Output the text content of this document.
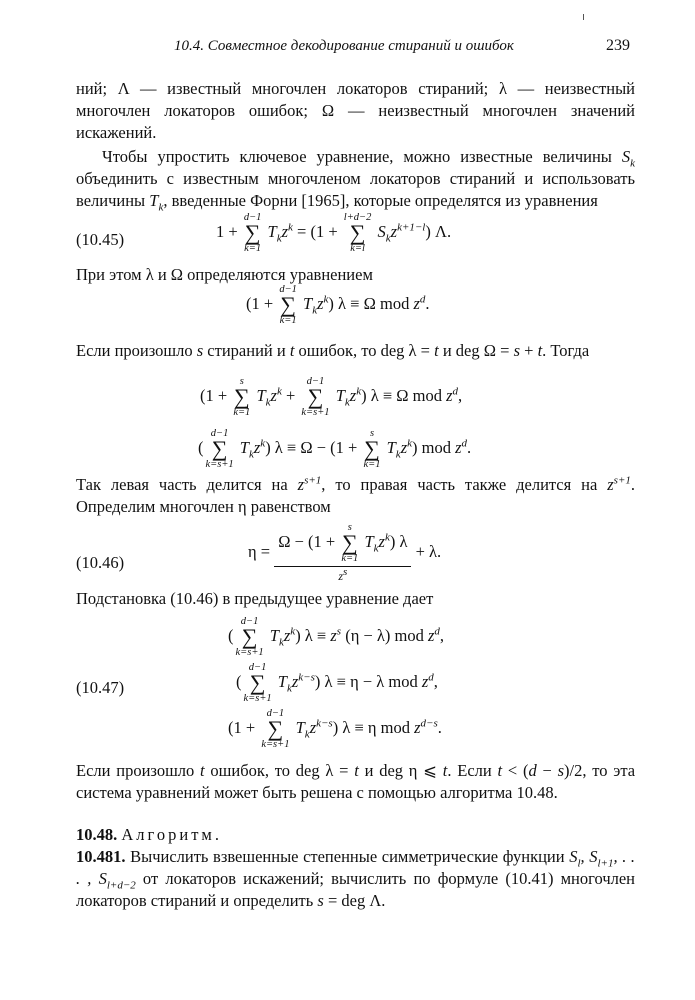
10.4. Совместное декодирование стираний и ошибок	239
ний; Λ — известный многочлен локаторов стираний; λ — неизвестный многочлен локаторов ошибок; Ω — неизвестный многочлен значений искажений.
Чтобы упростить ключевое уравнение, можно известные величины $S_k$ объединить с известным многочленом локаторов стираний и использовать величины $T_k$, введенные Форни [1965], которые определятся из уравнения
(10.45)	1 +
d−1
∑
k=1
$T_kz^k = (1$ +
l+d−2
∑
k=l
$S_kz^{k+1-l}$) Λ.
При этом λ и Ω определяются уравнением
(1 +
d−1
∑
k=1
$T_kz^k$) λ ≡ Ω mod $z^d$.
Если произошло s стираний и t ошибок, то deg λ = t и deg Ω = s + t. Тогда
(1 +
s
∑
k=1
$T_kz^k$ +
d−1
∑
k=s+1
$T_kz^k$) λ ≡ Ω mod $z^d$,
(
d−1
∑
k=s+1
$T_kz^k$) λ ≡ Ω − (1 +
s
∑
k=1
$T_kz^k$) mod $z^d$.
Так левая часть делится на $z^{s+1}$, то правая часть также делится на $z^{s+1}$. Определим многочлен η равенством
(10.46)
η = Ω − (1 +
s
∑
k=1
$T_kz^k$) λ
$z^s + \lambda$.
Подстановка (10.46) в предыдущее уравнение дает
(
d−1
∑
k=s+1
$T_kz^k$) $\lambda \equiv z^s$ (η − λ) mod $z^d$,
(10.47)	(
d−1
∑
k=s+1
$T_kz^{k-s}$) λ ≡ η − λ mod $z^d$,
(1 +
d−1
∑
k=s+1
$T_kz^{k-s}$) λ ≡ η mod $z^{d-s}$.
Если произошло t ошибок, то deg λ = t и deg η ⩽ t. Если t < (d − s)/2, то эта система уравнений может быть решена с помощью алгоритма 10.48.
10.48. Алгоритм.
10.481. Вычислить взвешенные степенные симметрические функции $S_l$, $S_{l+1}$, . . . , $S_{l+d-2}$ от локаторов искажений; вычислить по формуле (10.41) многочлен локаторов стираний и определить s = deg Λ.
